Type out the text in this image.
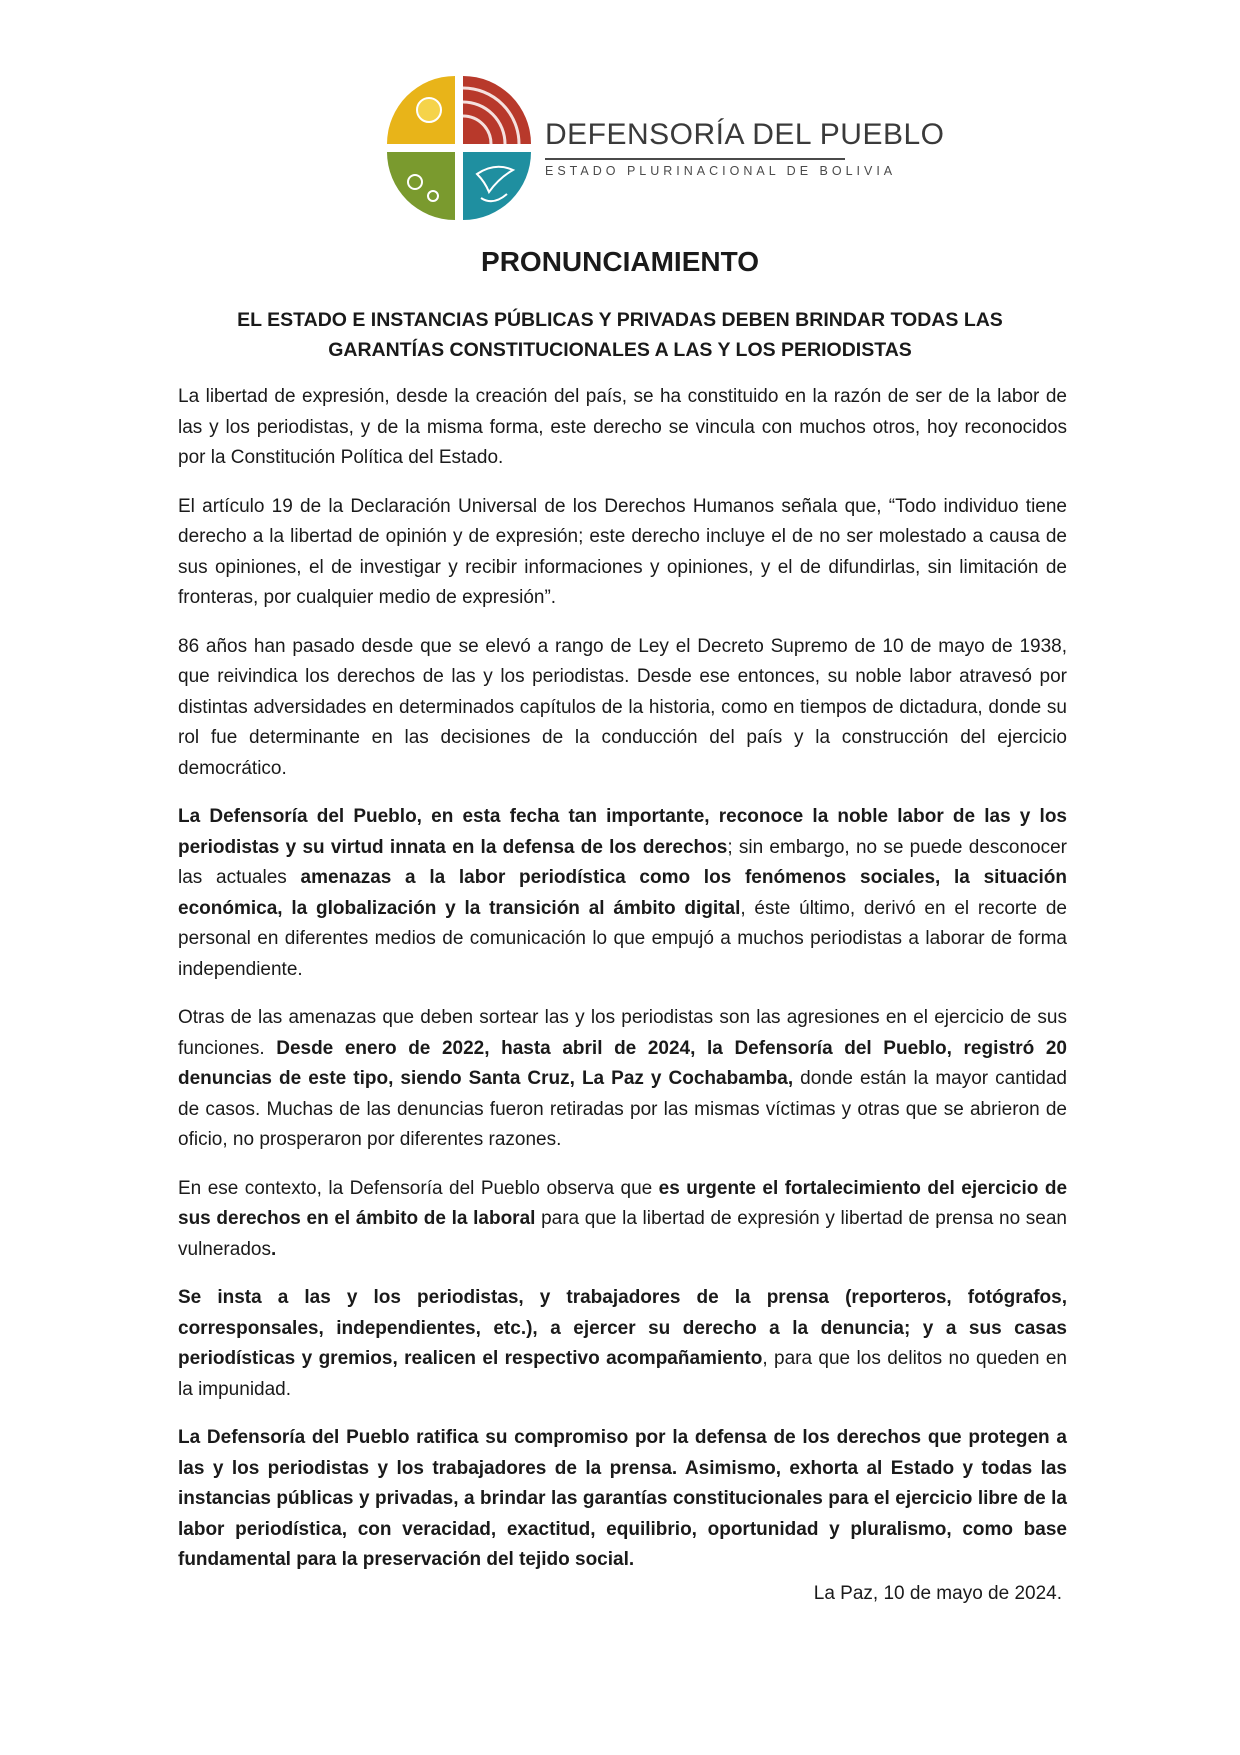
DEFENSORÍA DEL PUEBLO
ESTADO PLURINACIONAL DE BOLIVIA
PRONUNCIAMIENTO
EL ESTADO E INSTANCIAS PÚBLICAS Y PRIVADAS DEBEN BRINDAR TODAS LAS GARANTÍAS CONSTITUCIONALES A LAS Y LOS PERIODISTAS

La libertad de expresión, desde la creación del país, se ha constituido en la razón de ser de la labor de las y los periodistas, y de la misma forma, este derecho se vincula con muchos otros, hoy reconocidos por la Constitución Política del Estado.

El artículo 19 de la Declaración Universal de los Derechos Humanos señala que, “Todo individuo tiene derecho a la libertad de opinión y de expresión; este derecho incluye el de no ser molestado a causa de sus opiniones, el de investigar y recibir informaciones y opiniones, y el de difundirlas, sin limitación de fronteras, por cualquier medio de expresión”.

86 años han pasado desde que se elevó a rango de Ley el Decreto Supremo de 10 de mayo de 1938, que reivindica los derechos de las y los periodistas. Desde ese entonces, su noble labor atravesó por distintas adversidades en determinados capítulos de la historia, como en tiempos de dictadura, donde su rol fue determinante en las decisiones de la conducción del país y la construcción del ejercicio democrático.

La Defensoría del Pueblo, en esta fecha tan importante, reconoce la noble labor de las y los periodistas y su virtud innata en la defensa de los derechos; sin embargo, no se puede desconocer las actuales amenazas a la labor periodística como los fenómenos sociales, la situación económica, la globalización y la transición al ámbito digital, éste último, derivó en el recorte de personal en diferentes medios de comunicación lo que empujó a muchos periodistas a laborar de forma independiente.

Otras de las amenazas que deben sortear las y los periodistas son las agresiones en el ejercicio de sus funciones. Desde enero de 2022, hasta abril de 2024, la Defensoría del Pueblo, registró 20 denuncias de este tipo, siendo Santa Cruz, La Paz y Cochabamba, donde están la mayor cantidad de casos. Muchas de las denuncias fueron retiradas por las mismas víctimas y otras que se abrieron de oficio, no prosperaron por diferentes razones.

En ese contexto, la Defensoría del Pueblo observa que es urgente el fortalecimiento del ejercicio de sus derechos en el ámbito de la laboral para que la libertad de expresión y libertad de prensa no sean vulnerados.

Se insta a las y los periodistas, y trabajadores de la prensa (reporteros, fotógrafos, corresponsales, independientes, etc.), a ejercer su derecho a la denuncia; y a sus casas periodísticas y gremios, realicen el respectivo acompañamiento, para que los delitos no queden en la impunidad.

La Defensoría del Pueblo ratifica su compromiso por la defensa de los derechos que protegen a las y los periodistas y los trabajadores de la prensa. Asimismo, exhorta al Estado y todas las instancias públicas y privadas, a brindar las garantías constitucionales para el ejercicio libre de la labor periodística, con veracidad, exactitud, equilibrio, oportunidad y pluralismo, como base fundamental para la preservación del tejido social.

La Paz, 10 de mayo de 2024.
